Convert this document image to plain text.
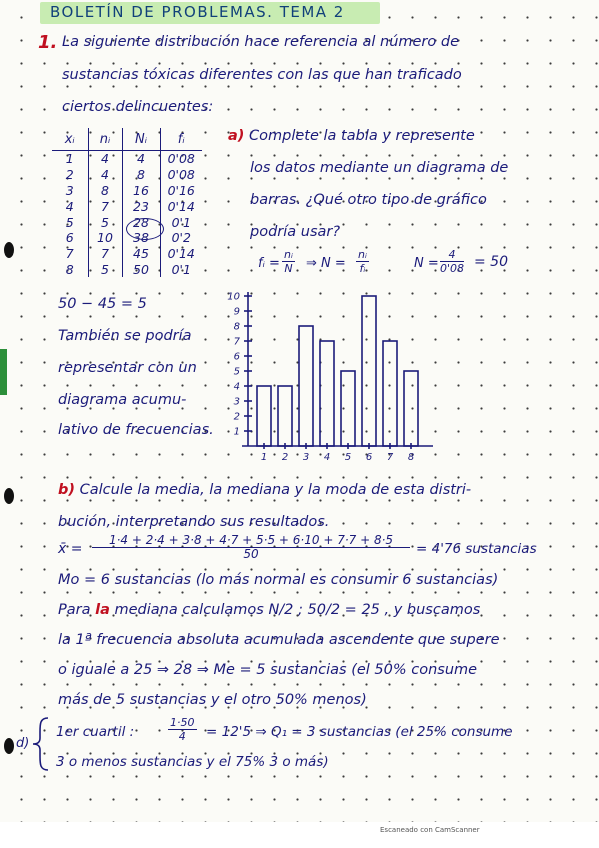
BOLETÍN DE PROBLEMAS. TEMA 2
1. La siguiente distribución hace referencia al número de
sustancias tóxicas diferentes con las que han traficado
ciertos delincuentes:
xᵢ	nᵢ	Nᵢ	fᵢ
1	4	4	0'08
2	4	8	0'08
3	8	16	0'16
4	7	23	0'14
5	5	28	0'1
6	10	38	0'2
7	7	45	0'14
8	5	50	0'1
a) Complete la tabla y represente
los datos mediante un diagrama de
barras. ¿Qué otro tipo de gráfico
podría usar?
fᵢ = $\frac{\text{nᵢ}}{N}$ ⇒ $N = \frac{\text{nᵢ}}{\text{fᵢ}}$	$N = \frac{4}{0'08} = 50$
50 − 45 = 5
También se podría
representar con un
diagrama acumu-
lativo de frecuencias. 1
2
3
4
5
6
7
8
9
10
1 2 3 4 5 6 7 8
b) Calcule la media, la mediana y la moda de esta distri-
bución, interpretando sus resultados.
x̄ = $\frac{1\cdot 4 + 2\cdot 4 + 3\cdot 8 + 4\cdot 7 + 5\cdot 5 + 6\cdot 10 + 7\cdot 7 + 8\cdot 5}{50} = 4'76$ sustancias
Mo = 6 sustancias (lo más normal es consumir 6 sustancias)
Para la mediana calculamos N/2 ; 50/2 = 25 , y buscamos
la 1ª frecuencia absoluta acumulada ascendente que supere
o iguale a 25 ⇒ 28 ⇒ Me = 5 sustancias (el 50% consume
más de 5 sustancias y el otro 50% menos)
d)
1er cuartil :	$\frac{1\cdot 50}{4} = 12'5$ ⇒ Q₁ = 3 sustancias (el 25% consume
3 o menos sustancias y el 75% 3 o más)
Escaneado con CamScanner
